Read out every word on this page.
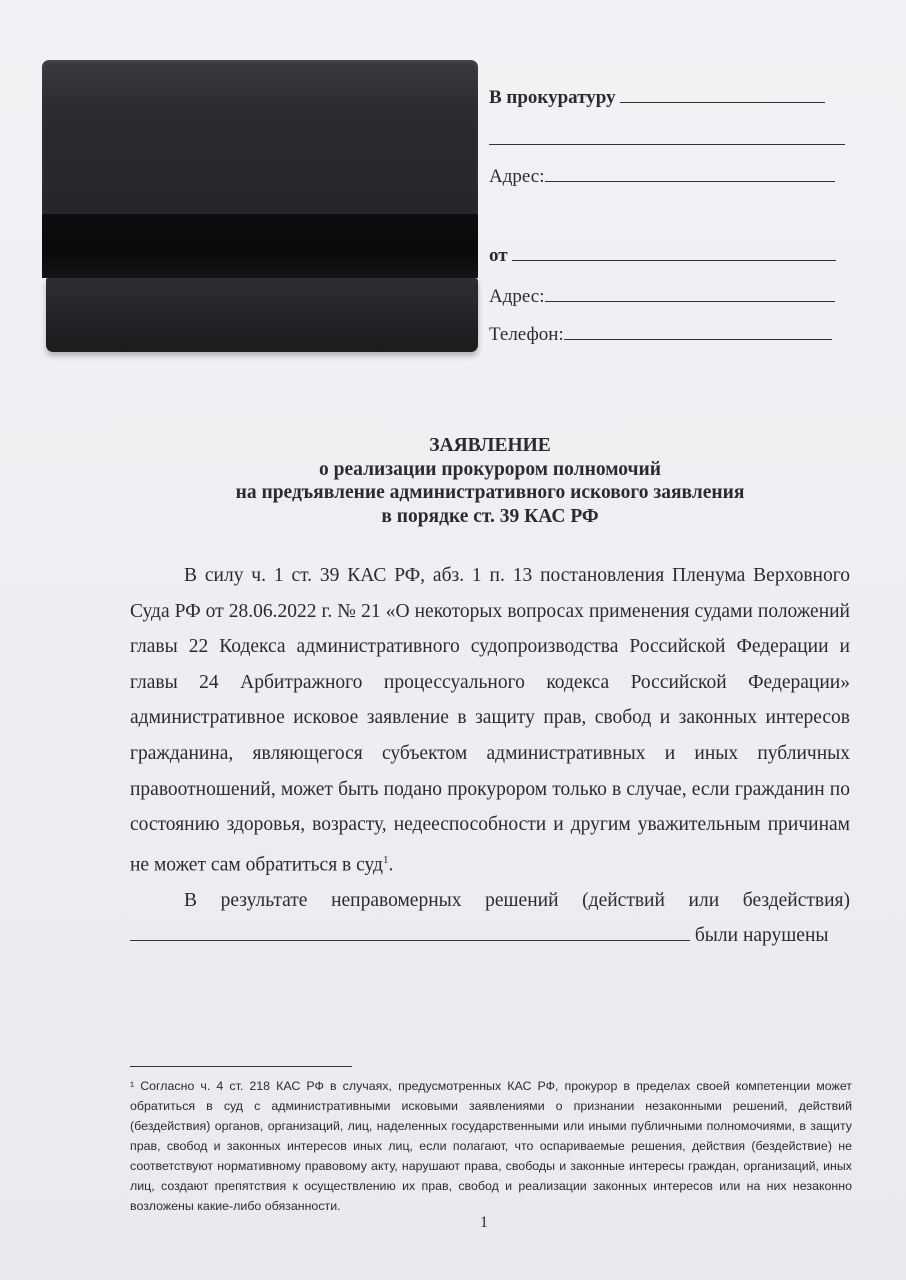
В прокуратуру
Адрес:
от
Адрес:
Телефон:
ЗАЯВЛЕНИЕ
о реализации прокурором полномочий
на предъявление административного искового заявления
в порядке ст. 39 КАС РФ

В силу ч. 1 ст. 39 КАС РФ, абз. 1 п. 13 постановления Пленума Верховного Суда РФ от 28.06.2022 г. № 21 «О некоторых вопросах применения судами положений главы 22 Кодекса административного судопроизводства Российской Федерации и главы 24 Арбитражного процессуального кодекса Российской Федерации» административное исковое заявление в защиту прав, свобод и законных интересов гражданина, являющегося субъектом административных и иных публичных правоотношений, может быть подано прокурором только в случае, если гражданин по состоянию здоровья, возрасту, недееспособности и другим уважительным причинам не может сам обратиться в суд$^1$.

В результате неправомерных решений (действий или бездействия)  были нарушены

¹ Согласно ч. 4 ст. 218 КАС РФ в случаях, предусмотренных КАС РФ, прокурор в пределах своей компетенции может обратиться в суд с административными исковыми заявлениями о признании незаконными решений, действий (бездействия) органов, организаций, лиц, наделенных государственными или иными публичными полномочиями, в защиту прав, свобод и законных интересов иных лиц, если полагают, что оспариваемые решения, действия (бездействие) не соответствуют нормативному правовому акту, нарушают права, свободы и законные интересы граждан, организаций, иных лиц, создают препятствия к осуществлению их прав, свобод и реализации законных интересов или на них незаконно возложены какие-либо обязанности.
1
